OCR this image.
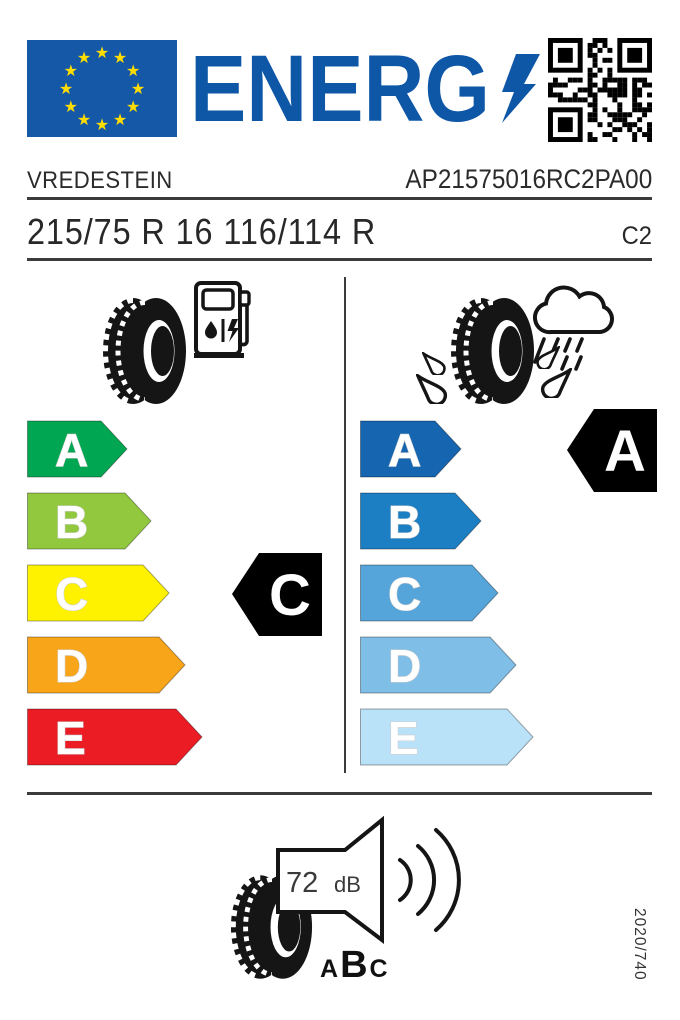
★ ★
★
★
★
★
★
★
★
★
★
★ ENERG
VREDESTEIN	AP21575016RC2PA00
215/75 R 16 116/114 R	C2
A
B
C
D
E
A
B
C
D
E
C
A
72 dB
ABC	2020/740
